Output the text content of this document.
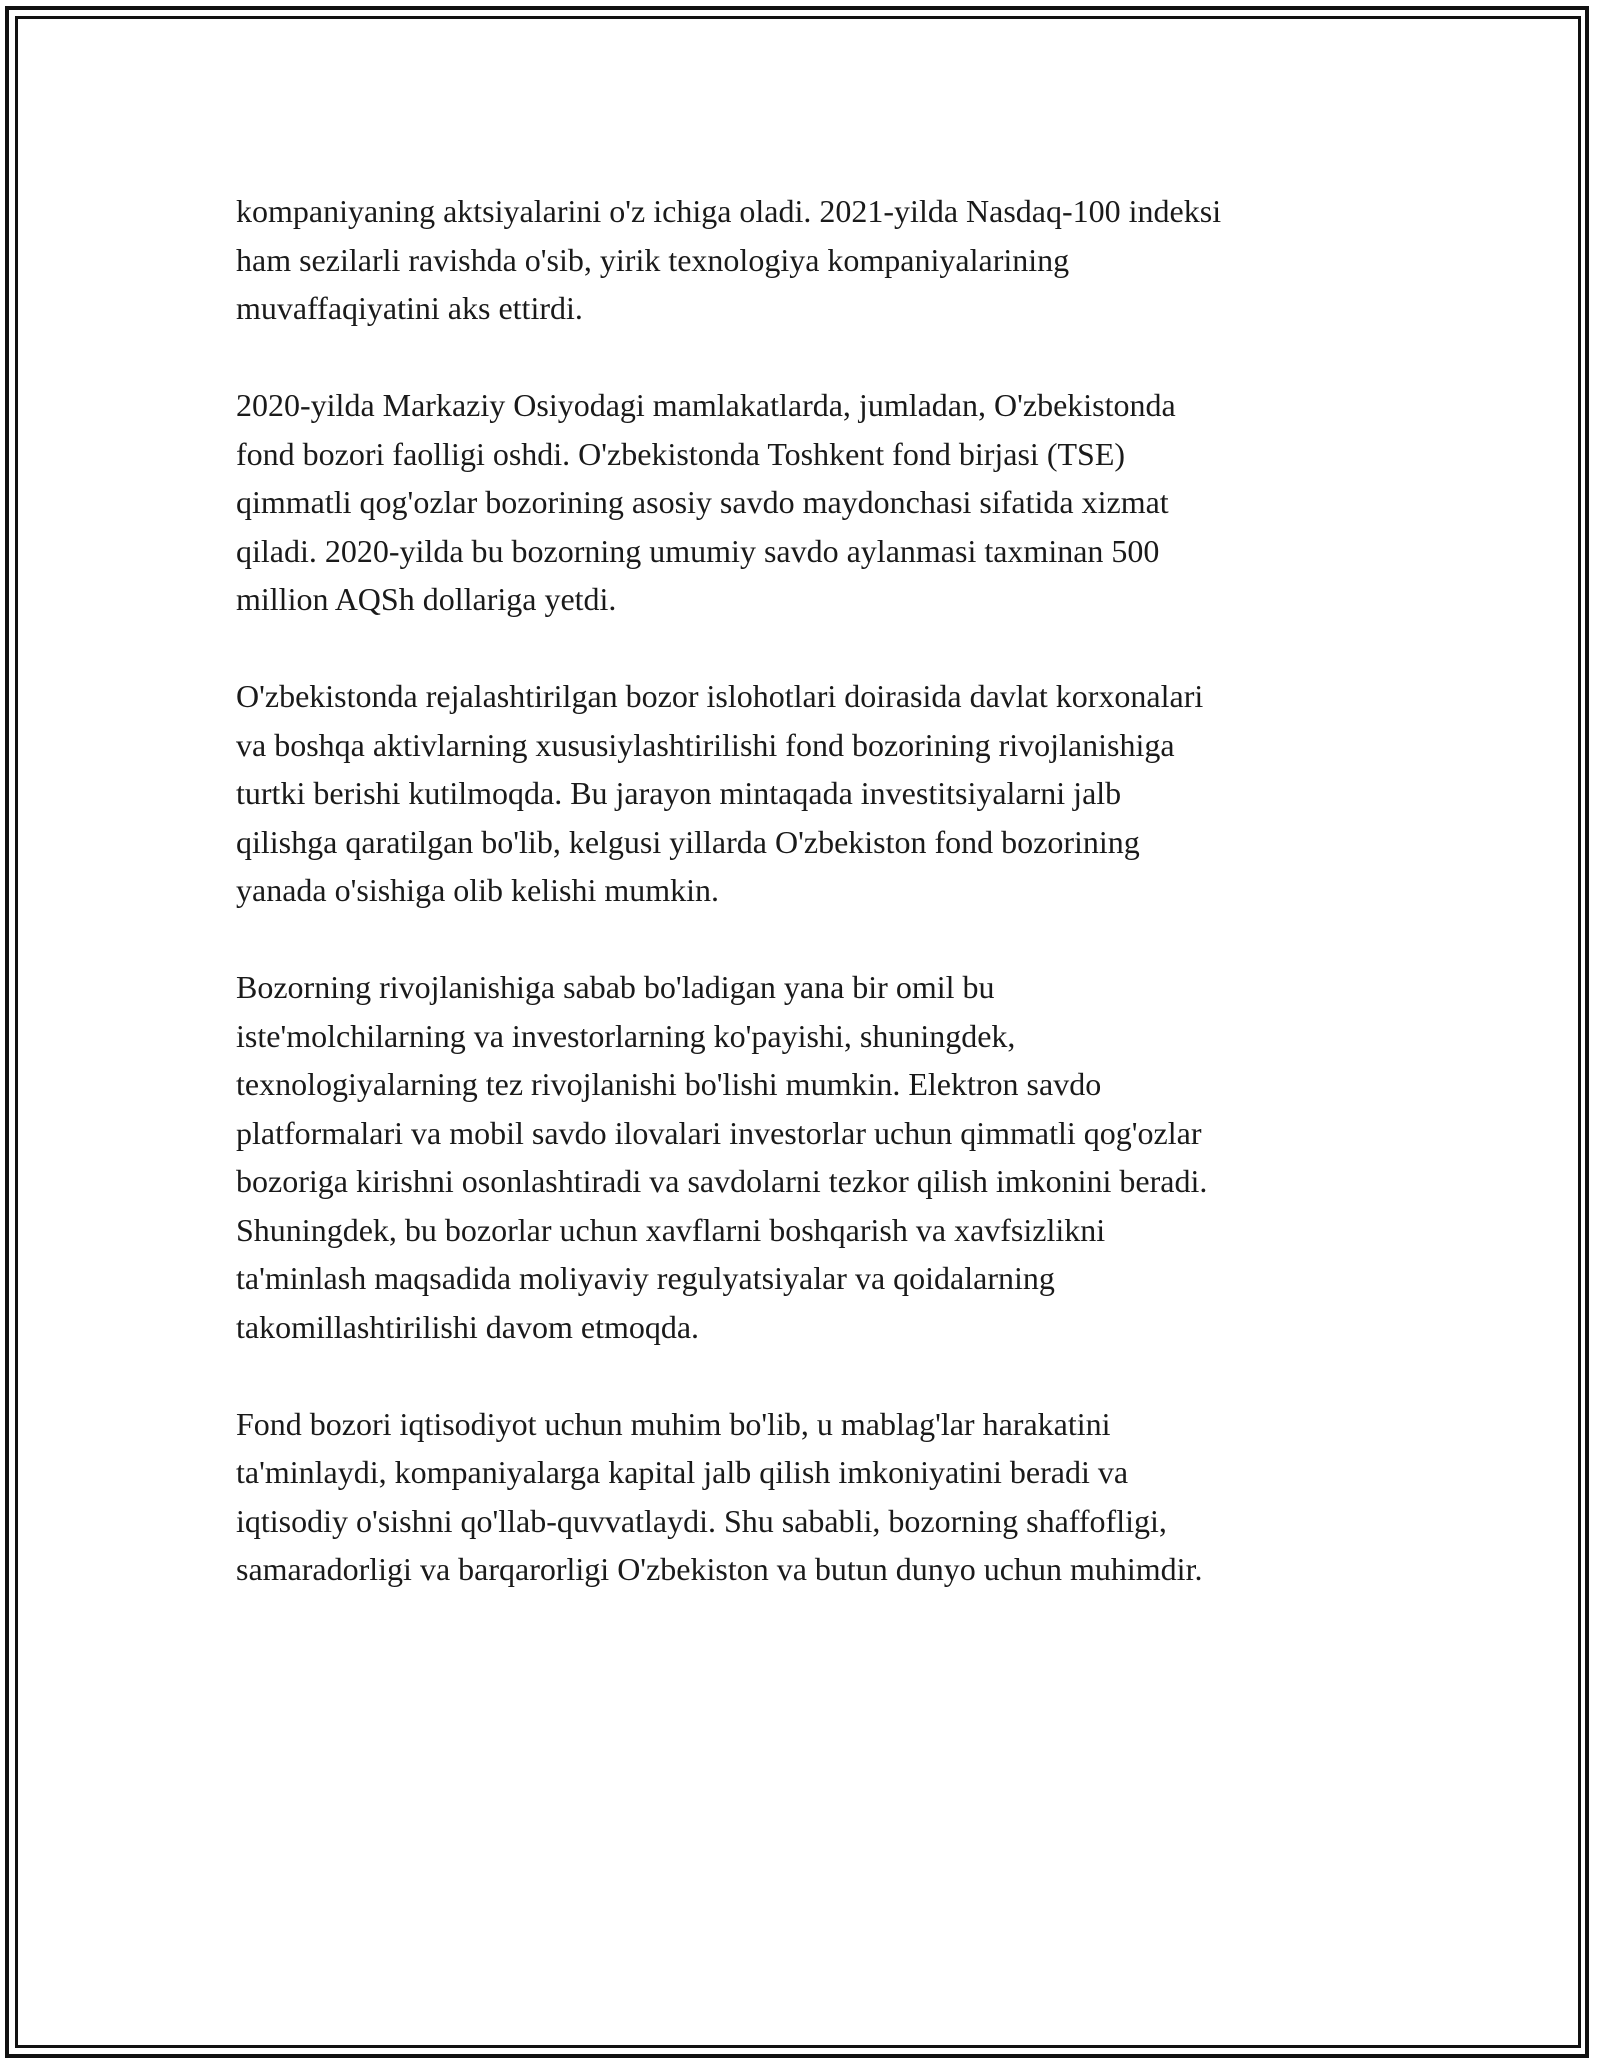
kompaniyaning aktsiyalarini o'z ichiga oladi. 2021-yilda Nasdaq-100 indeksi
ham sezilarli ravishda o'sib, yirik texnologiya kompaniyalarining
muvaffaqiyatini aks ettirdi.

2020-yilda Markaziy Osiyodagi mamlakatlarda, jumladan, O'zbekistonda
fond bozori faolligi oshdi. O'zbekistonda Toshkent fond birjasi (TSE)
qimmatli qog'ozlar bozorining asosiy savdo maydonchasi sifatida xizmat
qiladi. 2020-yilda bu bozorning umumiy savdo aylanmasi taxminan 500
million AQSh dollariga yetdi.

O'zbekistonda rejalashtirilgan bozor islohotlari doirasida davlat korxonalari
va boshqa aktivlarning xususiylashtirilishi fond bozorining rivojlanishiga
turtki berishi kutilmoqda. Bu jarayon mintaqada investitsiyalarni jalb
qilishga qaratilgan bo'lib, kelgusi yillarda O'zbekiston fond bozorining
yanada o'sishiga olib kelishi mumkin.

Bozorning rivojlanishiga sabab bo'ladigan yana bir omil bu
iste'molchilarning va investorlarning ko'payishi, shuningdek,
texnologiyalarning tez rivojlanishi bo'lishi mumkin. Elektron savdo
platformalari va mobil savdo ilovalari investorlar uchun qimmatli qog'ozlar
bozoriga kirishni osonlashtiradi va savdolarni tezkor qilish imkonini beradi.
Shuningdek, bu bozorlar uchun xavflarni boshqarish va xavfsizlikni
ta'minlash maqsadida moliyaviy regulyatsiyalar va qoidalarning
takomillashtirilishi davom etmoqda.

Fond bozori iqtisodiyot uchun muhim bo'lib, u mablag'lar harakatini
ta'minlaydi, kompaniyalarga kapital jalb qilish imkoniyatini beradi va
iqtisodiy o'sishni qo'llab-quvvatlaydi. Shu sababli, bozorning shaffofligi,
samaradorligi va barqarorligi O'zbekiston va butun dunyo uchun muhimdir.
